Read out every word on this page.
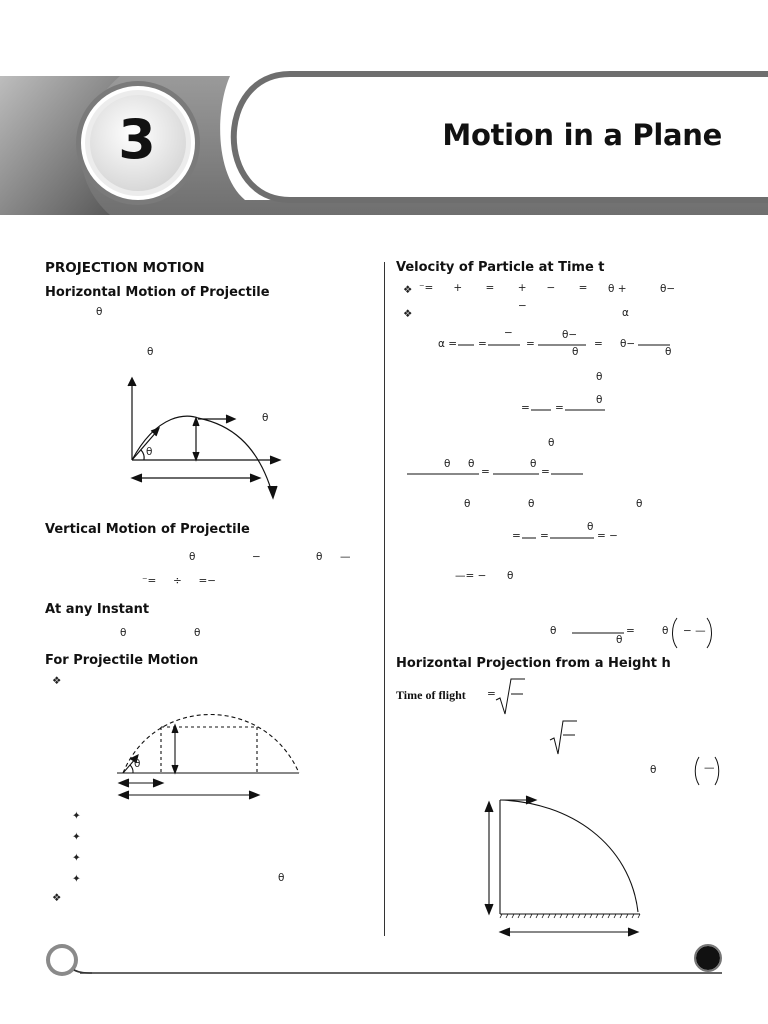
3	Motion in a Plane
PROJECTION MOTION
Horizontal Motion of Projectile
θ
θ
θ
θ
Vertical Motion of Projectile
θ	−	θ —
⁻=     ÷     =−
At any Instant
θ	θ
For Projectile Motion
❖
θ
✦
✦
✦
✦	θ
❖
Velocity of Particle at Time t
❖ ⁻=      +       =       +      −       = θ +	θ−
−
❖	α
α = =
−
=
θ−
θ
= θ−
θ
θ
= =
θ
θ
θ θ
=
θ
=
θ	θ	θ
= =
θ
= −
—= − θ
θ	=
θ
θ − —
Horizontal Projection from a Height h
Time of flight =
θ	—
